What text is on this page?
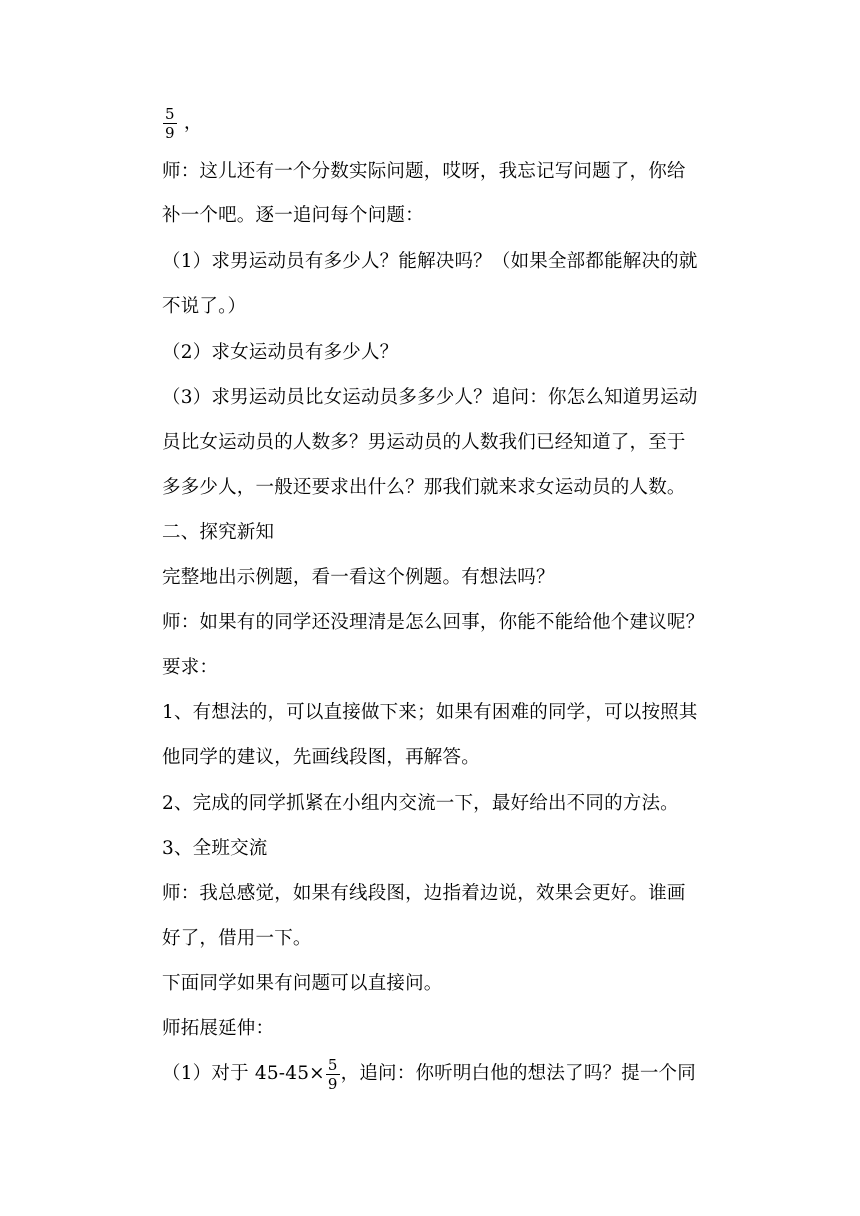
$\frac{5}{9}$ ，
师：这儿还有一个分数实际问题，哎呀，我忘记写问题了，你给
补一个吧。逐一追问每个问题：
（1）求男运动员有多少人？能解决吗？（如果全部都能解决的就
不说了。）
（2）求女运动员有多少人？
（3）求男运动员比女运动员多多少人？追问：你怎么知道男运动
员比女运动员的人数多？男运动员的人数我们已经知道了，至于
多多少人，一般还要求出什么？那我们就来求女运动员的人数。
二、探究新知
完整地出示例题，看一看这个例题。有想法吗？
师：如果有的同学还没理清是怎么回事，你能不能给他个建议呢？
要求：
1、有想法的，可以直接做下来；如果有困难的同学，可以按照其
他同学的建议，先画线段图，再解答。
2、完成的同学抓紧在小组内交流一下，最好给出不同的方法。
3、全班交流
师：我总感觉，如果有线段图，边指着边说，效果会更好。谁画
好了，借用一下。
下面同学如果有问题可以直接问。
师拓展延伸：
（1）对于 $45-45\times \frac{5}{9}$ ，追问：你听明白他的想法了吗？提一个同
